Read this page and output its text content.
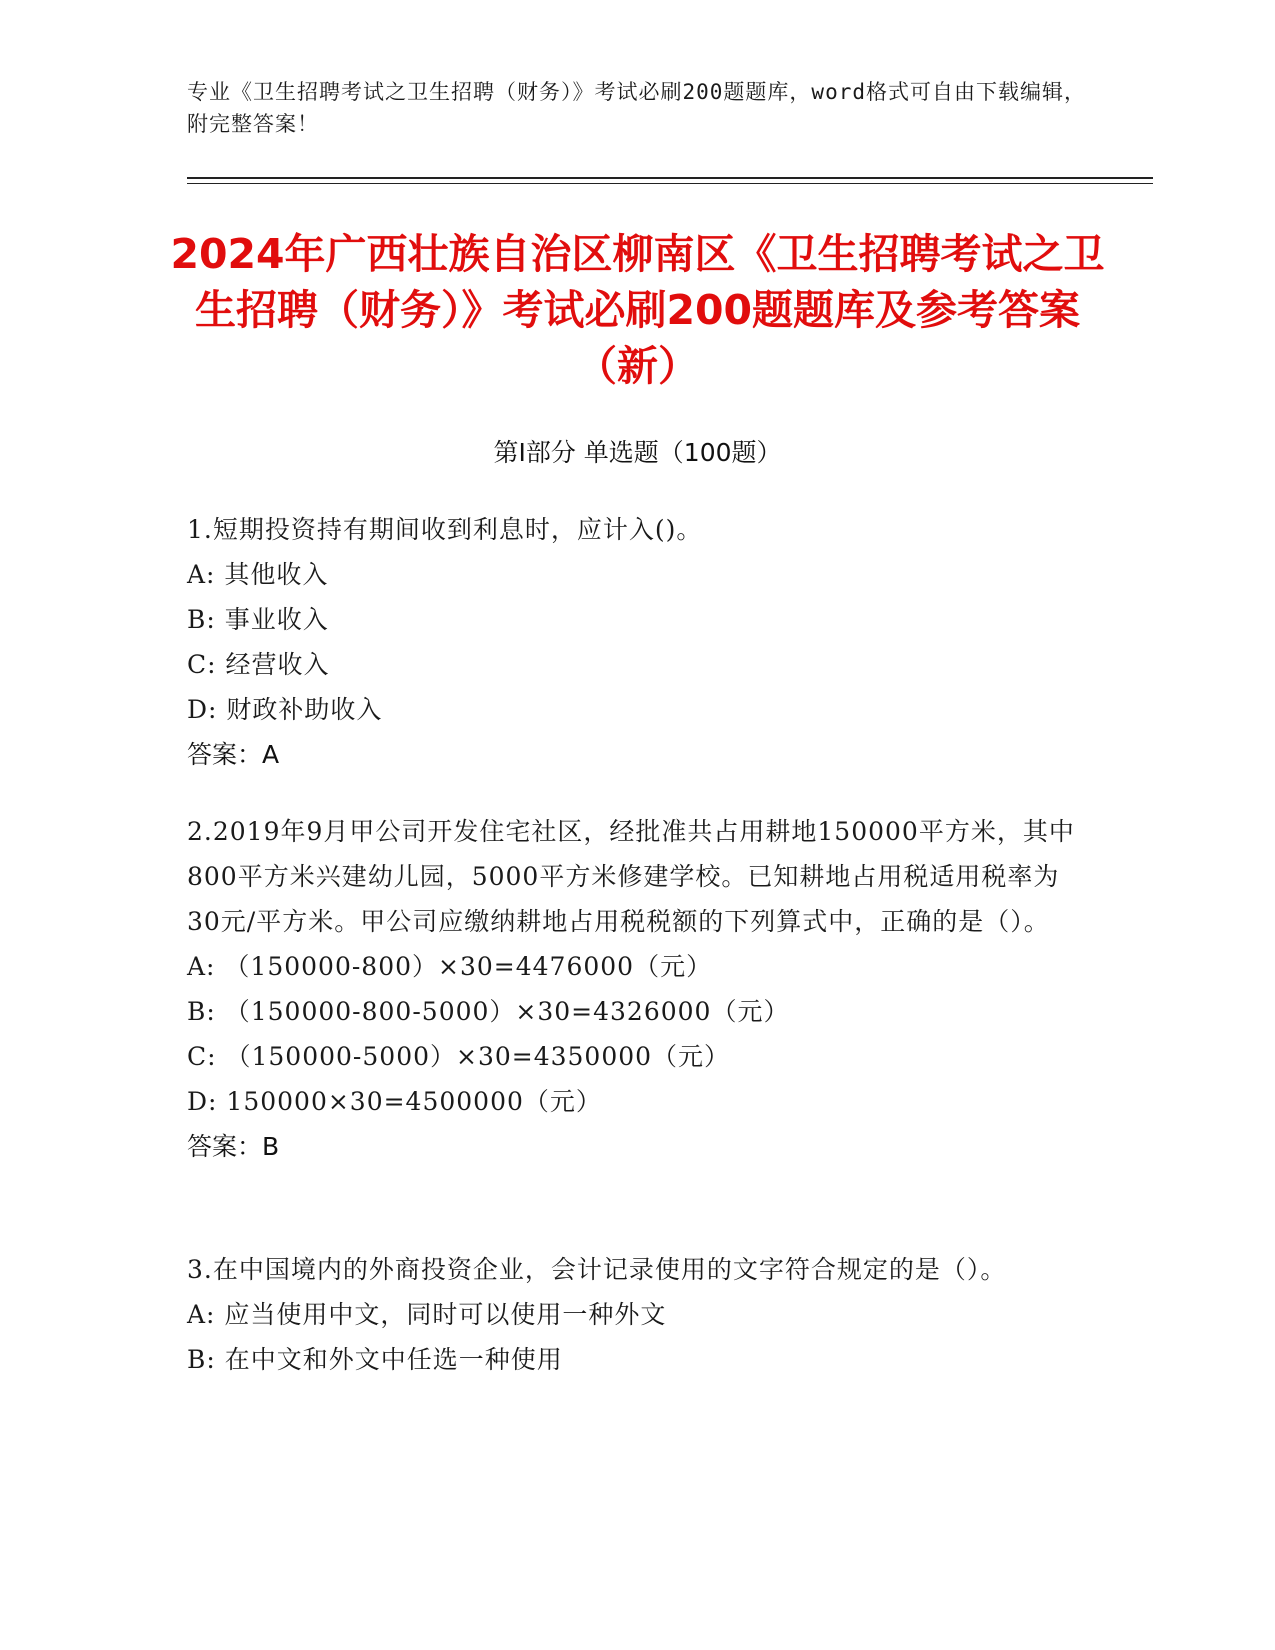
专业《卫生招聘考试之卫生招聘（财务）》考试必刷200题题库，word格式可自由下载编辑，附完整答案！
2024年广西壮族自治区柳南区《卫生招聘考试之卫生招聘（财务）》考试必刷200题题库及参考答案（新）
第I部分 单选题（100题）
1.短期投资持有期间收到利息时，应计入()。
A: 其他收入
B: 事业收入
C: 经营收入
D: 财政补助收入
答案：A
2.2019年9月甲公司开发住宅社区，经批准共占用耕地150000平方米，其中800平方米兴建幼儿园，5000平方米修建学校。已知耕地占用税适用税率为30元/平方米。甲公司应缴纳耕地占用税税额的下列算式中，正确的是（）。
A: （150000-800）×30=4476000（元）
B: （150000-800-5000）×30=4326000（元）
C: （150000-5000）×30=4350000（元）
D: 150000×30=4500000（元）
答案：B
3.在中国境内的外商投资企业，会计记录使用的文字符合规定的是（）。
A: 应当使用中文，同时可以使用一种外文
B: 在中文和外文中任选一种使用
